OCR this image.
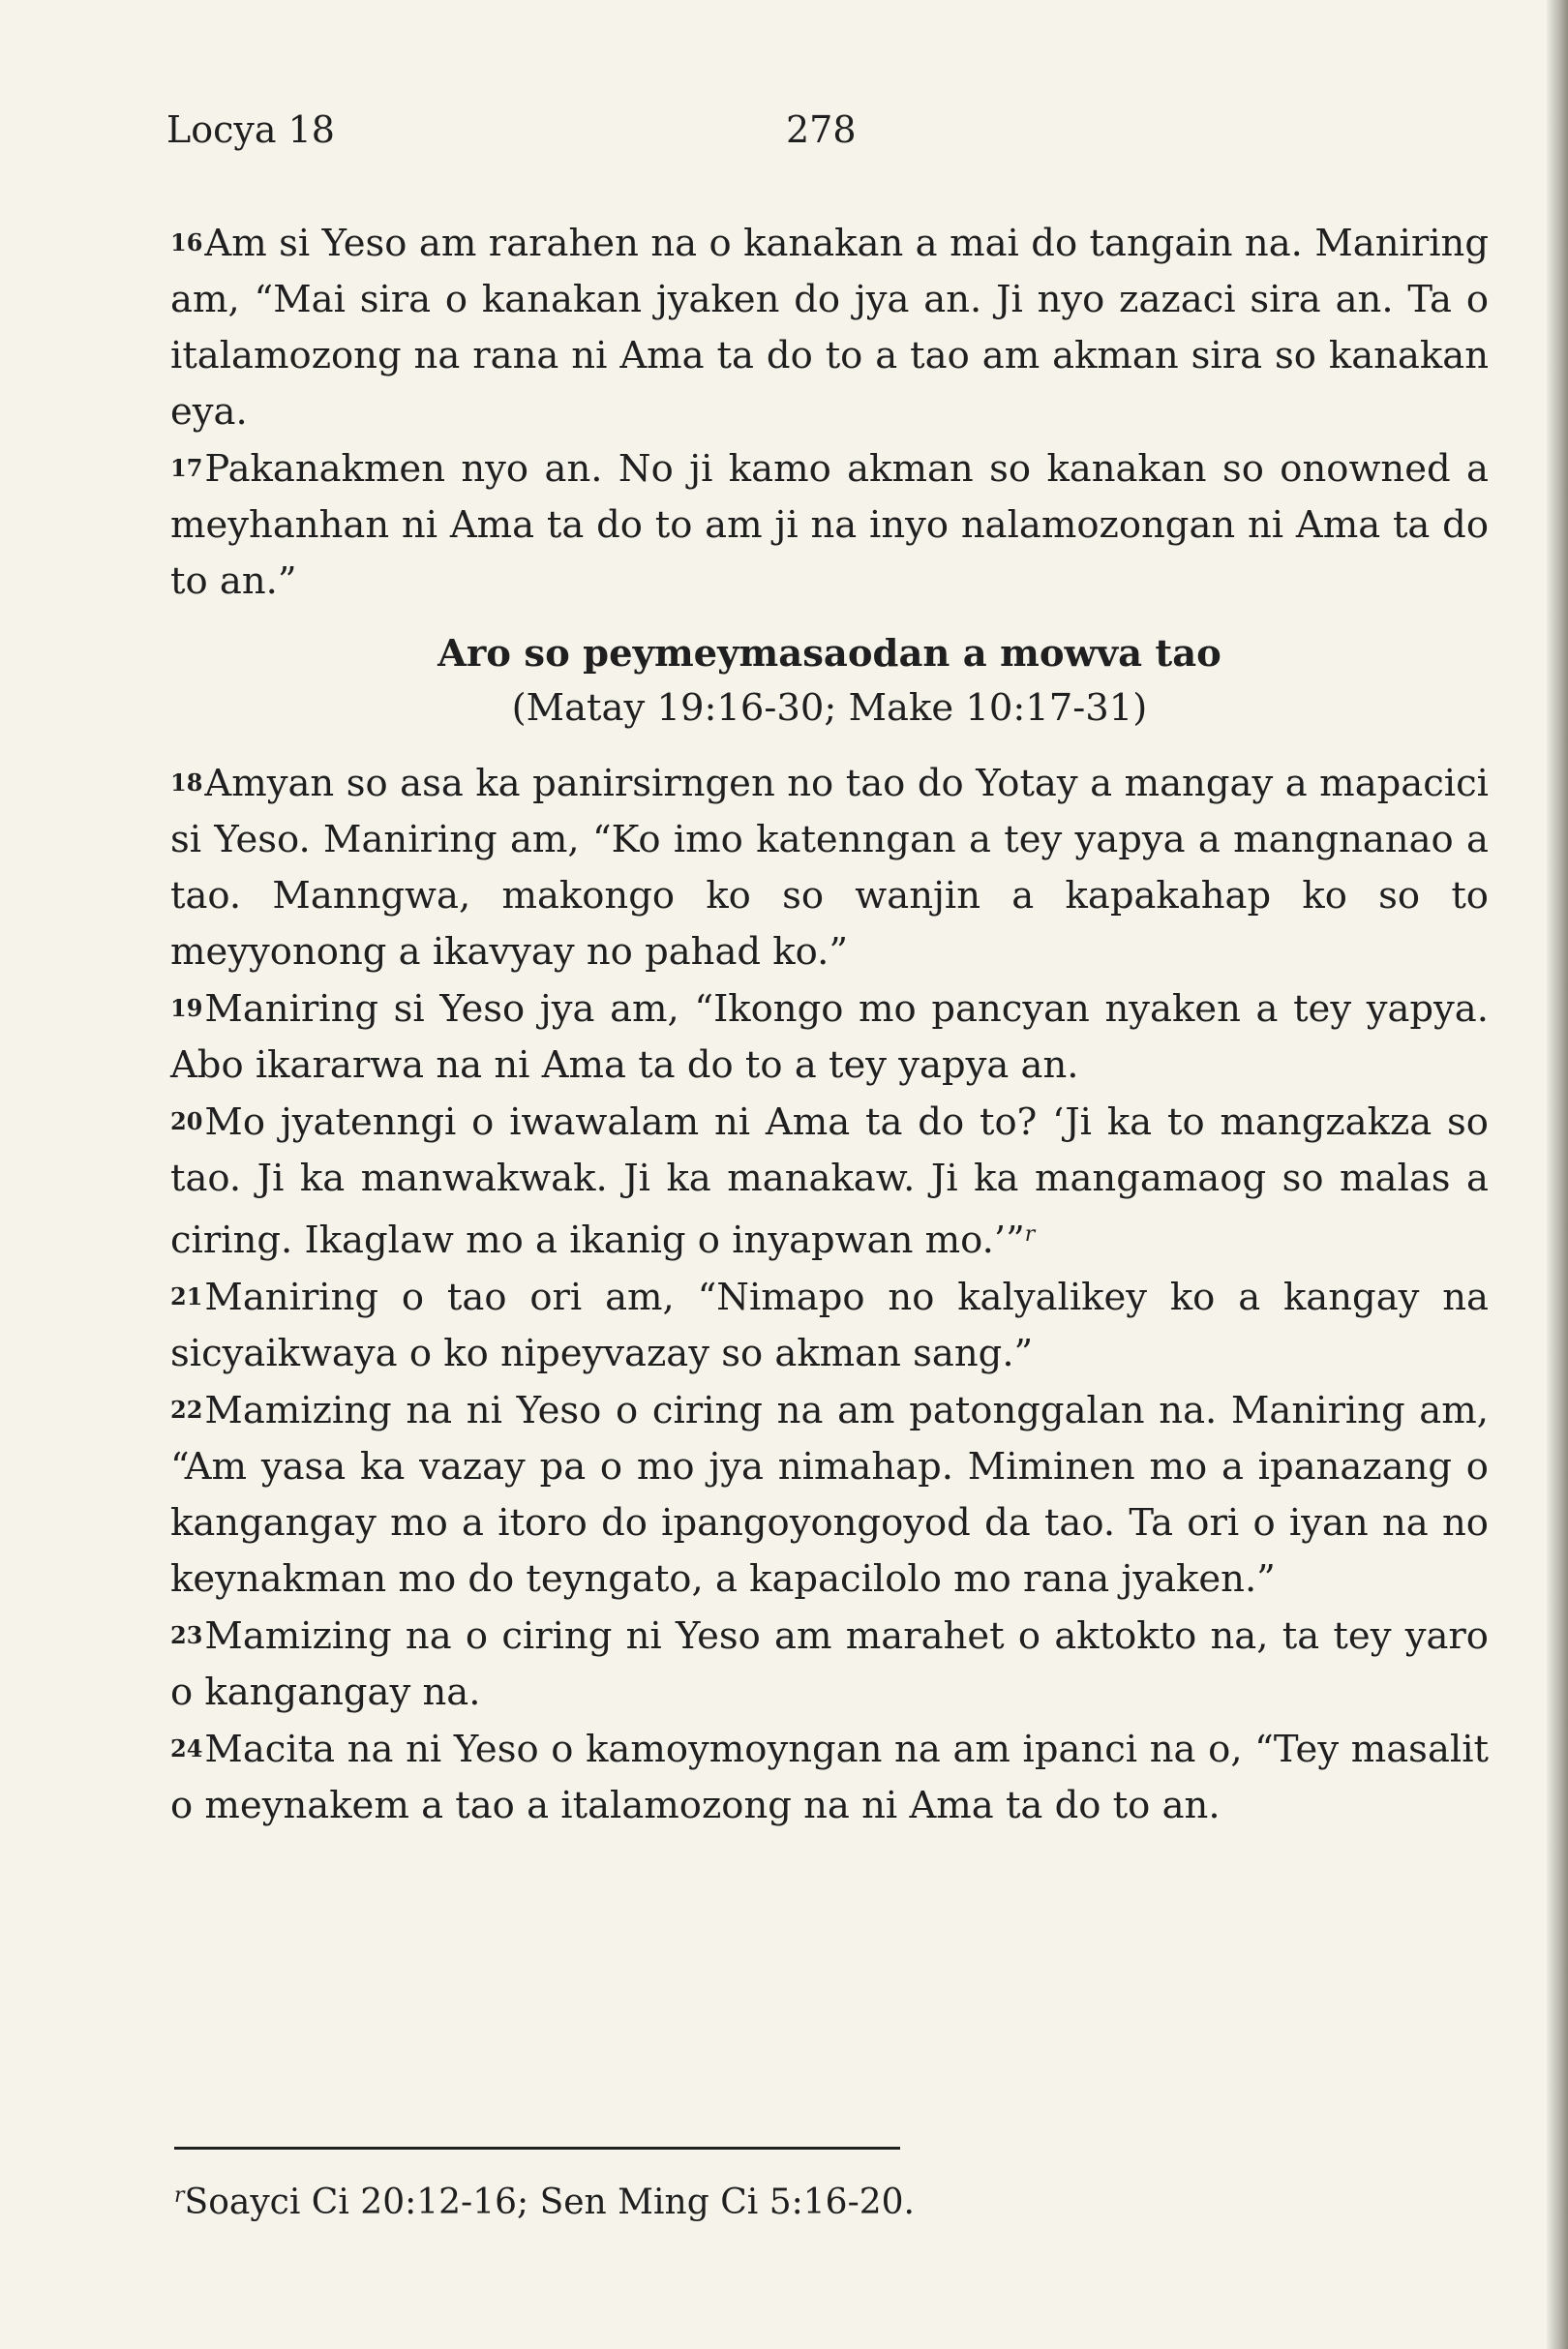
Locya 18	278

16Am si Yeso am rarahen na o kanakan a mai do tangain na. Maniring am, “Mai sira o kanakan jyaken do jya an. Ji nyo zazaci sira an. Ta o italamozong na rana ni Ama ta do to a tao am akman sira so kanakan eya.

17Pakanakmen nyo an. No ji kamo akman so kanakan so onowned a meyhanhan ni Ama ta do to am ji na inyo nalamozongan ni Ama ta do to an.”

Aro so peymeymasaodan a mowva tao
(Matay 19:16-30; Make 10:17-31)

18Amyan so asa ka panirsirngen no tao do Yotay a mangay a mapacici si Yeso. Maniring am, “Ko imo katenngan a tey yapya a mangnanao a tao. Manngwa, makongo ko so wanjin a kapakahap ko so to meyyonong a ikavyay no pahad ko.”

19Maniring si Yeso jya am, “Ikongo mo pancyan nyaken a tey yapya. Abo ikararwa na ni Ama ta do to a tey yapya an.

20Mo jyatenngi o iwawalam ni Ama ta do to? ‘Ji ka to mangzakza so tao. Ji ka manwakwak. Ji ka manakaw. Ji ka mangamaog so malas a ciring. Ikaglaw mo a ikanig o inyapwan mo.’”$^r$

21Maniring o tao ori am, “Nimapo no kalyalikey ko a kangay na sicyaikwaya o ko nipeyvazay so akman sang.”

22Mamizing na ni Yeso o ciring na am patonggalan na. Maniring am, “Am yasa ka vazay pa o mo jya nimahap. Miminen mo a ipanazang o kangangay mo a itoro do ipangoyongoyod da tao. Ta ori o iyan na no keynakman mo do teyngato, a kapacilolo mo rana jyaken.”

23Mamizing na o ciring ni Yeso am marahet o aktokto na, ta tey yaro o kangangay na.

24Macita na ni Yeso o kamoymoyngan na am ipanci na o, “Tey masalit o meynakem a tao a italamozong na ni Ama ta do to an.

$^r$Soayci Ci 20:12-16; Sen Ming Ci 5:16-20.
